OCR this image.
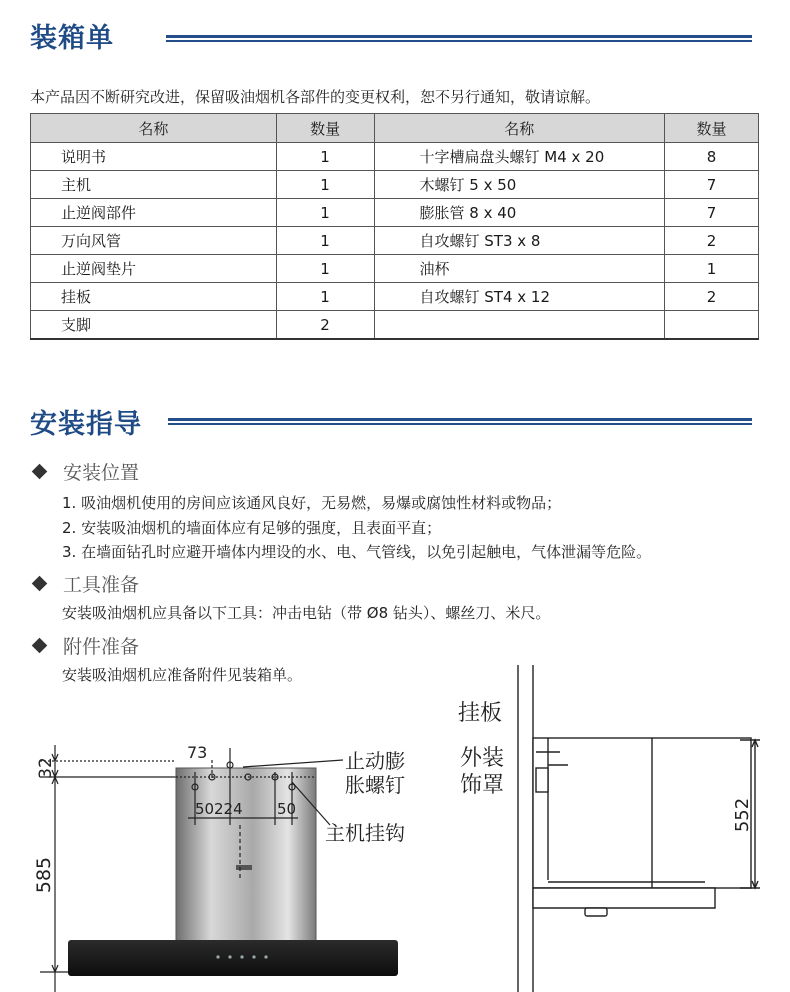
装箱单
本产品因不断研究改进，保留吸油烟机各部件的变更权利，恕不另行通知，敬请谅解。
名称	数量	名称	数量
说明书	1	十字槽扁盘头螺钉 M4 x 20	8
主机	1	木螺钉 5 x 50	7
止逆阀部件	1	膨胀管 8 x 40	7
万向风管	1	自攻螺钉 ST3 x 8	2
止逆阀垫片	1	油杯	1
挂板	1	自攻螺钉 ST4 x 12	2
支脚	2		
安装指导
安装位置
1. 吸油烟机使用的房间应该通风良好，无易燃，易爆或腐蚀性材料或物品；
2. 安装吸油烟机的墙面体应有足够的强度，且表面平直；
3. 在墙面钻孔时应避开墙体内埋设的水、电、气管线，以免引起触电，气体泄漏等危险。
工具准备
安装吸油烟机应具备以下工具：冲击电钻（带 Ø8 钻头）、螺丝刀、米尺。
附件准备
安装吸油烟机应准备附件见装箱单。
32
585
73
50 224 50
止动膨
胀螺钉
主机挂钩
挂板
外装
饰罩
552
